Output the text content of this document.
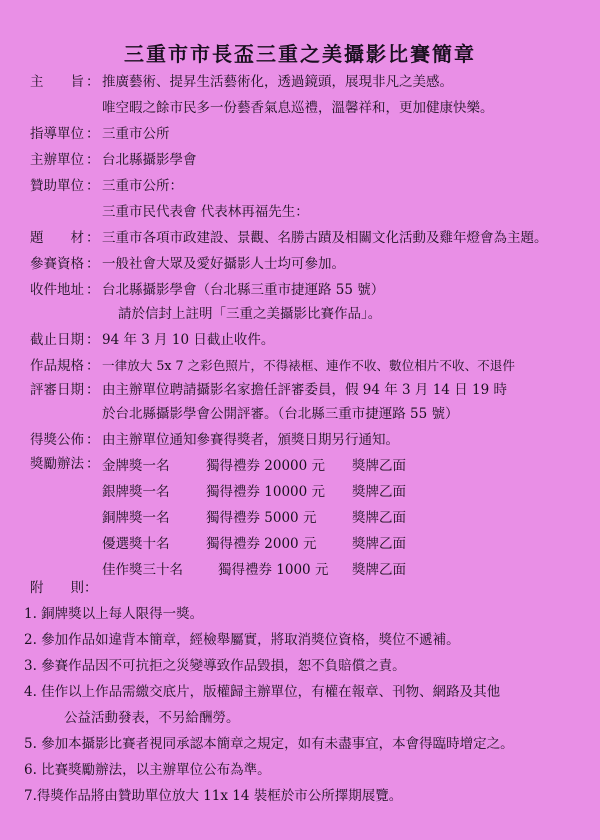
三重市市長盃三重之美攝影比賽簡章
主　　旨 ： 推廣藝術、提昇生活藝術化，透過鏡頭，展現非凡之美感。
唯空暇之餘市民多一份藝香氣息巡禮，溫馨祥和，更加健康快樂。
指導單位 ： 三重市公所
主辦單位 ： 台北縣攝影學會
贊助單位 ： 三重市公所：
三重市民代表會 代表林再福先生：
題　　材 ： 三重市各項市政建設、景觀、名勝古蹟及相關文化活動及雞年燈會為主題。
參賽資格 ： 一般社會大眾及愛好攝影人士均可參加。
收件地址 ： 台北縣攝影學會（台北縣三重市捷運路 55 號）
請於信封上註明「三重之美攝影比賽作品」。
截止日期 ： 94 年 3 月 10 日截止收件。
作品規格 ： 一律放大 5x 7 之彩色照片，不得裱框、連作不收、數位相片不收、不退件
評審日期 ： 由主辦單位聘請攝影名家擔任評審委員，假 94 年 3 月 14 日 19 時
於台北縣攝影學會公開評審。（台北縣三重市捷運路 55 號）
得獎公佈 ： 由主辦單位通知參賽得獎者，頒獎日期另行通知。
獎勵辦法 ： 金牌獎一名	獨得禮券 20000 元 獎牌乙面
銀牌獎一名	獨得禮券 10000 元 獎牌乙面
銅牌獎一名	獨得禮券 5000 元	獎牌乙面
優選獎十名	獨得禮券 2000 元	獎牌乙面
佳作獎三十名	獨得禮券 1000 元 獎牌乙面
附　　則：
1. 銅牌獎以上每人限得一獎。
2. 參加作品如違背本簡章，經檢舉屬實，將取消獎位資格，獎位不遞補。
3. 參賽作品因不可抗拒之災變導致作品毀損，恕不負賠償之責。
4. 佳作以上作品需繳交底片，版權歸主辦單位，有權在報章、刊物、網路及其他
公益活動發表，不另給酬勞。
5. 參加本攝影比賽者視同承認本簡章之規定，如有未盡事宜，本會得臨時增定之。
6. 比賽獎勵辦法，以主辦單位公布為準。
7.得獎作品將由贊助單位放大 11x 14 裝框於市公所擇期展覽。
